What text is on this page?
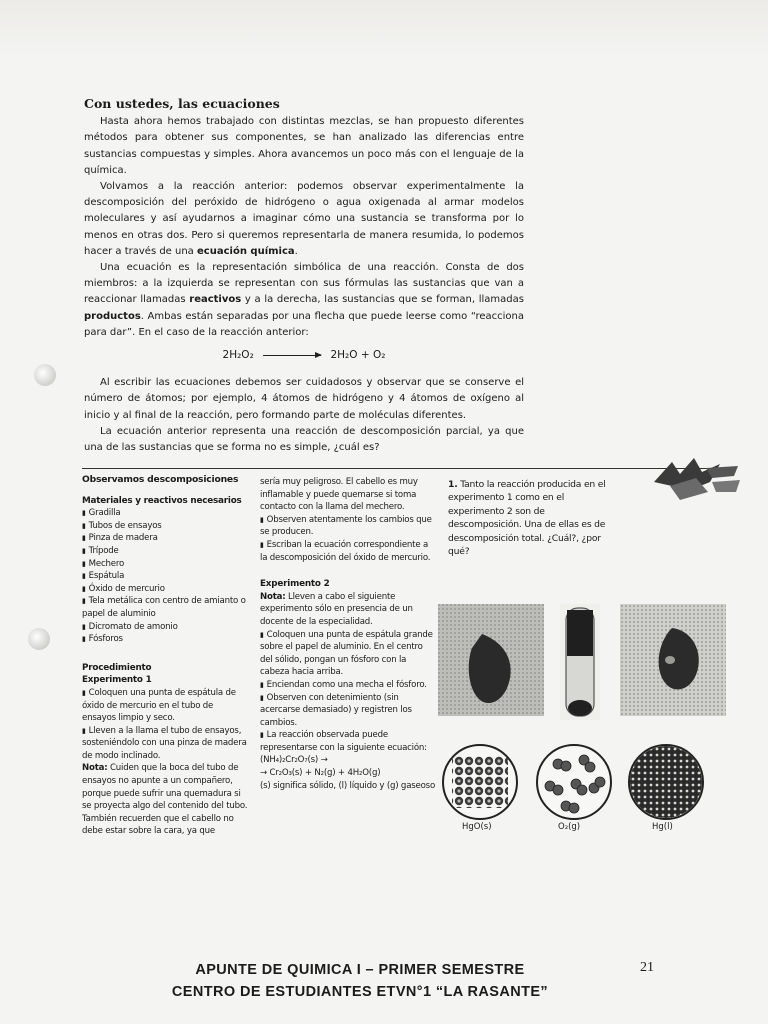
Con ustedes, las ecuaciones

Hasta ahora hemos trabajado con distintas mezclas, se han propuesto diferentes métodos para obtener sus componentes, se han analizado las diferencias entre sustancias compuestas y simples. Ahora avancemos un poco más con el lenguaje de la química.

Volvamos a la reacción anterior: podemos observar experimentalmente la descomposición del peróxido de hidrógeno o agua oxigenada al armar modelos moleculares y así ayudarnos a imaginar cómo una sustancia se transforma por lo menos en otras dos. Pero si queremos representarla de manera resumida, lo podemos hacer a través de una ecuación química.

Una ecuación es la representación simbólica de una reacción. Consta de dos miembros: a la izquierda se representan con sus fórmulas las sustancias que van a reaccionar llamadas reactivos y a la derecha, las sustancias que se forman, llamadas productos. Ambas están separadas por una flecha que puede leerse como “reacciona para dar”. En el caso de la reacción anterior:

2H₂O₂	2H₂O + O₂

Al escribir las ecuaciones debemos ser cuidadosos y observar que se conserve el número de átomos; por ejemplo, 4 átomos de hidrógeno y 4 átomos de oxígeno al inicio y al final de la reacción, pero formando parte de moléculas diferentes.

La ecuación anterior representa una reacción de descomposición parcial, ya que una de las sustancias que se forma no es simple, ¿cuál es?

Observamos descomposiciones
Materiales y reactivos necesarios
▮ Gradilla
▮ Tubos de ensayos
▮ Pinza de madera
▮ Trípode
▮ Mechero
▮ Espátula
▮ Óxido de mercurio
▮ Tela metálica con centro de amianto o papel de aluminio
▮ Dicromato de amonio
▮ Fósforos
Procedimiento
Experimento 1

▮ Coloquen una punta de espátula de óxido de mercurio en el tubo de ensayos limpio y seco.

▮ Lleven a la llama el tubo de ensayos, sosteniéndolo con una pinza de madera de modo inclinado.

Nota: Cuiden que la boca del tubo de ensayos no apunte a un compañero, porque puede sufrir una quemadura si se proyecta algo del contenido del tubo. También recuerden que el cabello no debe estar sobre la cara, ya que

sería muy peligroso. El cabello es muy inflamable y puede quemarse si toma contacto con la llama del mechero.

▮ Observen atentamente los cambios que se producen.

▮ Escriban la ecuación correspondiente a la descomposición del óxido de mercurio.

Experimento 2

Nota: Lleven a cabo el siguiente experimento sólo en presencia de un docente de la especialidad.

▮ Coloquen una punta de espátula grande sobre el papel de aluminio. En el centro del sólido, pongan un fósforo con la cabeza hacia arriba.

▮ Enciendan como una mecha el fósforo.

▮ Observen con detenimiento (sin acercarse demasiado) y registren los cambios.

▮ La reacción observada puede representarse con la siguiente ecuación:

(NH₄)₂Cr₂O₇(s) →

→ Cr₂O₃(s) + N₂(g) + 4H₂O(g)

(s) significa sólido, (l) líquido y (g) gaseoso

1. Tanto la reacción producida en el experimento 1 como en el experimento 2 son de descomposición. Una de ellas es de descomposición total. ¿Cuál?, ¿por qué?

HgO(s)	O₂(g)	Hg(l)
APUNTE DE QUIMICA I – PRIMER SEMESTRE
CENTRO DE ESTUDIANTES ETVN°1 “LA RASANTE”
21
